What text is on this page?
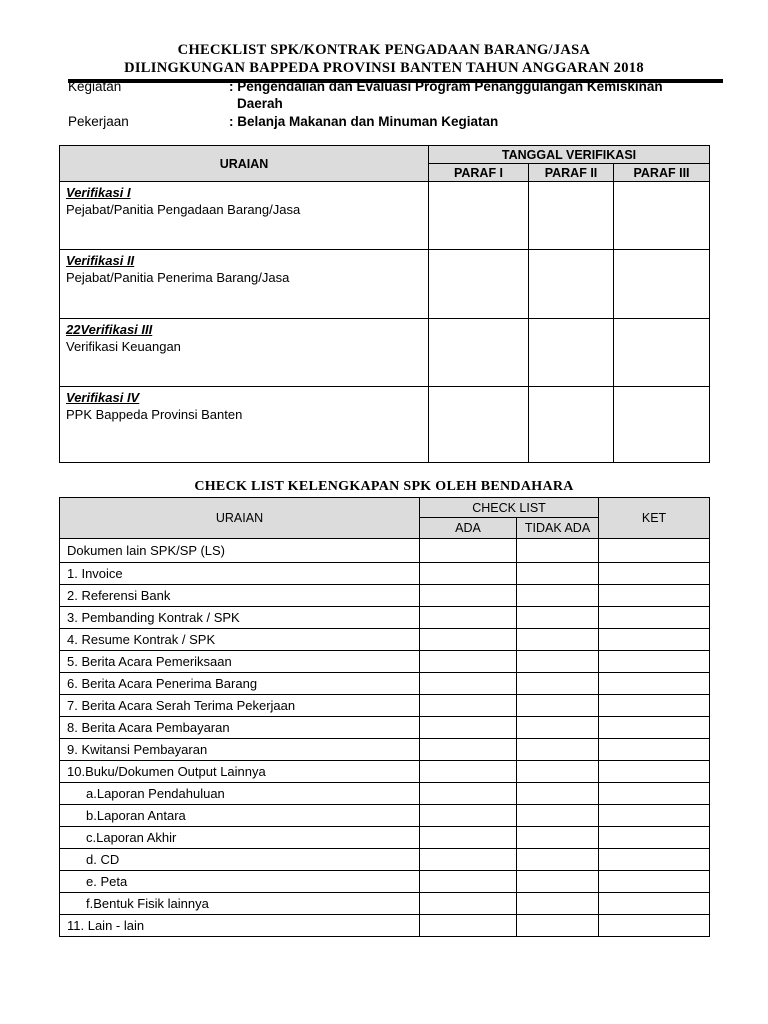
CHECKLIST SPK/KONTRAK PENGADAAN BARANG/JASA
DILINGKUNGAN BAPPEDA PROVINSI BANTEN TAHUN ANGGARAN 2018
Kegiatan	: Pengendalian dan Evaluasi Program Penanggulangan Kemiskinan
Daerah
Pekerjaan	: Belanja Makanan dan Minuman Kegiatan
URAIAN	TANGGAL VERIFIKASI		
	PARAF I	PARAF II	PARAF III

Verifikasi I
Pejabat/Panitia Pengadaan Barang/Jasa			

Verifikasi II
Pejabat/Panitia Penerima Barang/Jasa			

22Verifikasi III
Verifikasi Keuangan			

Verifikasi IV
PPK Bappeda Provinsi Banten			

CHECK LIST KELENGKAPAN SPK OLEH BENDAHARA
URAIAN	CHECK LIST		KET
	ADA	TIDAK ADA	
Dokumen lain SPK/SP (LS)			
1. Invoice			
2. Referensi Bank			
3. Pembanding Kontrak / SPK			
4. Resume Kontrak / SPK			
5. Berita Acara Pemeriksaan			
6. Berita Acara Penerima Barang			
7. Berita Acara Serah Terima Pekerjaan			
8. Berita Acara Pembayaran			
9. Kwitansi Pembayaran			
10.Buku/Dokumen Output Lainnya			
a.Laporan Pendahuluan			
b.Laporan Antara			
c.Laporan Akhir			
d. CD			
e. Peta			
f.Bentuk Fisik lainnya			
11. Lain - lain			
